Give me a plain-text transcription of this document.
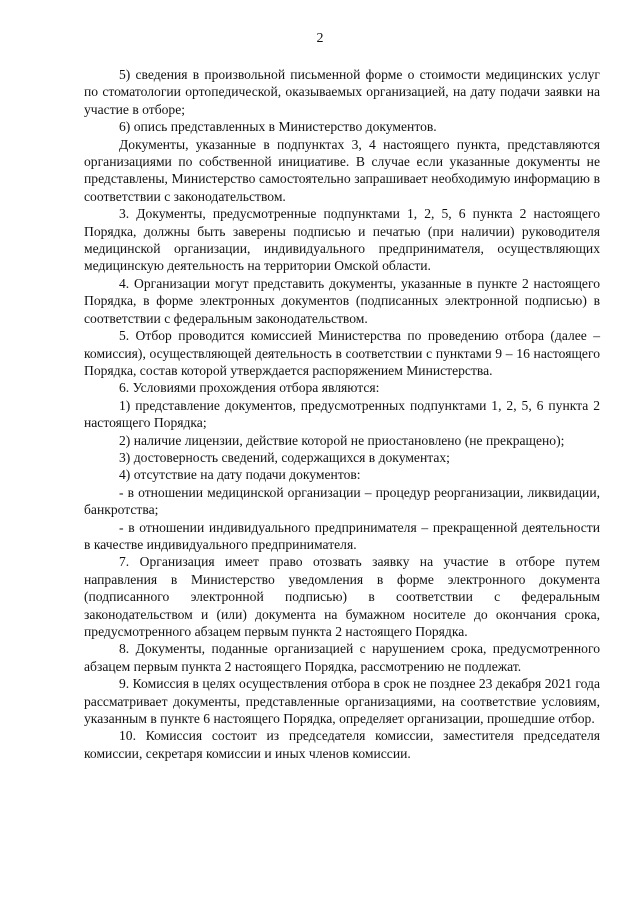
2

5) сведения в произвольной письменной форме о стоимости медицинских услуг по стоматологии ортопедической, оказываемых организацией, на дату подачи заявки на участие в отборе;

6) опись представленных в Министерство документов.

Документы, указанные в подпунктах 3, 4 настоящего пункта, представляются организациями по собственной инициативе. В случае если указанные документы не представлены, Министерство самостоятельно запрашивает необходимую информацию в соответствии с законодательством.

3. Документы, предусмотренные подпунктами 1, 2, 5, 6 пункта 2 настоящего Порядка, должны быть заверены подписью и печатью (при наличии) руководителя медицинской организации, индивидуального предпринимателя, осуществляющих медицинскую деятельность на территории Омской области.

4. Организации могут представить документы, указанные в пункте 2 настоящего Порядка, в форме электронных документов (подписанных электронной подписью) в соответствии с федеральным законодательством.

5. Отбор проводится комиссией Министерства по проведению отбора (далее – комиссия), осуществляющей деятельность в соответствии с пунктами 9 – 16 настоящего Порядка, состав которой утверждается распоряжением Министерства.

6. Условиями прохождения отбора являются:

1) представление документов, предусмотренных подпунктами 1, 2, 5, 6 пункта 2 настоящего Порядка;

2) наличие лицензии, действие которой не приостановлено (не прекращено);

3) достоверность сведений, содержащихся в документах;

4) отсутствие на дату подачи документов:

- в отношении медицинской организации – процедур реорганизации, ликвидации, банкротства;

- в отношении индивидуального предпринимателя – прекращенной деятельности в качестве индивидуального предпринимателя.

7. Организация имеет право отозвать заявку на участие в отборе путем направления в Министерство уведомления в форме электронного документа (подписанного электронной подписью) в соответствии с федеральным законодательством и (или) документа на бумажном носителе до окончания срока, предусмотренного абзацем первым пункта 2 настоящего Порядка.

8. Документы, поданные организацией с нарушением срока, предусмотренного абзацем первым пункта 2 настоящего Порядка, рассмотрению не подлежат.

9. Комиссия в целях осуществления отбора в срок не позднее 23 декабря 2021 года рассматривает документы, представленные организациями, на соответствие условиям, указанным в пункте 6 настоящего Порядка, определяет организации, прошедшие отбор.

10. Комиссия состоит из председателя комиссии, заместителя председателя комиссии, секретаря комиссии и иных членов комиссии.
